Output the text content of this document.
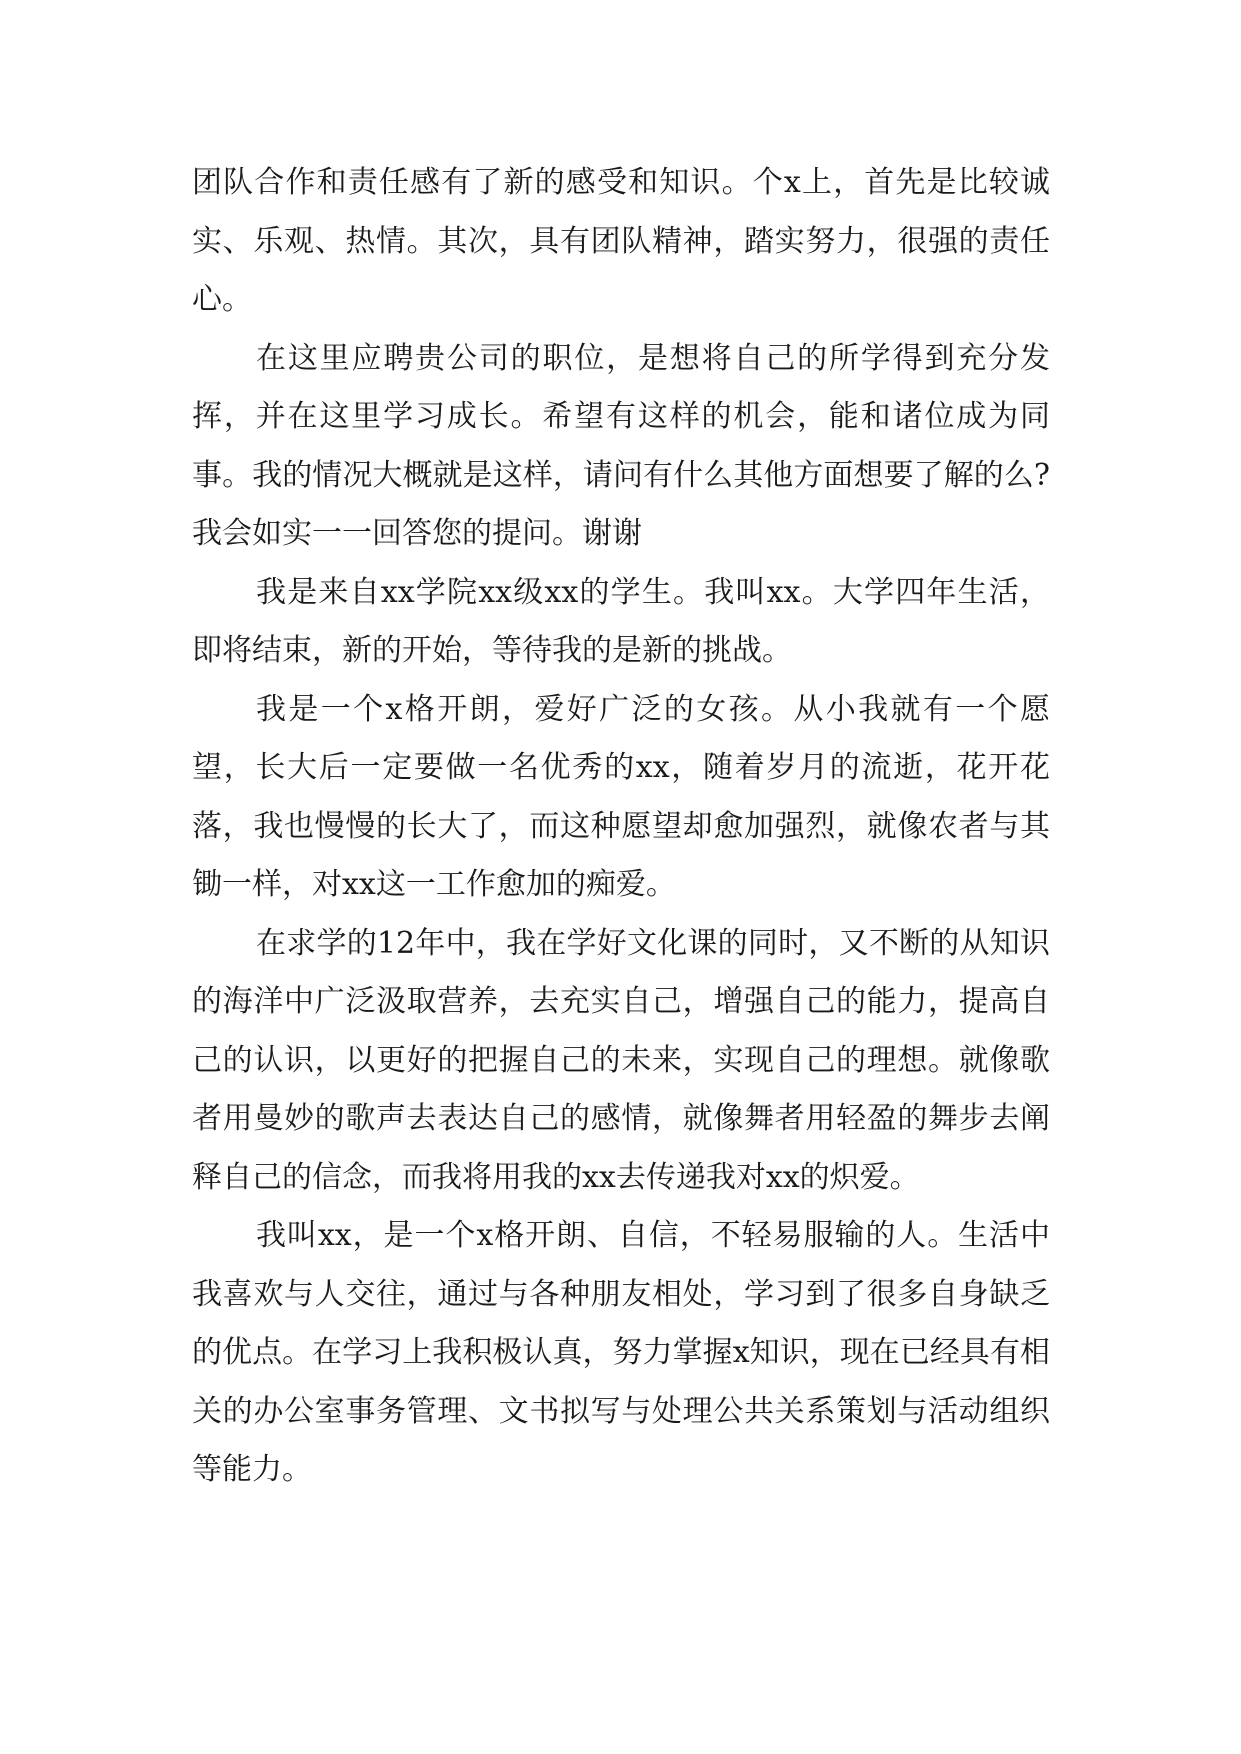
团队合作和责任感有了新的感受和知识。个x上，首先是比较诚实、乐观、热情。其次，具有团队精神，踏实努力，很强的责任心。

在这里应聘贵公司的职位，是想将自己的所学得到充分发挥，并在这里学习成长。希望有这样的机会，能和诸位成为同事。我的情况大概就是这样，请问有什么其他方面想要了解的么?我会如实一一回答您的提问。谢谢

我是来自xx学院xx级xx的学生。我叫xx。大学四年生活，即将结束，新的开始，等待我的是新的挑战。

我是一个x格开朗，爱好广泛的女孩。从小我就有一个愿望，长大后一定要做一名优秀的xx，随着岁月的流逝，花开花落，我也慢慢的长大了，而这种愿望却愈加强烈，就像农者与其锄一样，对xx这一工作愈加的痴爱。

在求学的12年中，我在学好文化课的同时，又不断的从知识的海洋中广泛汲取营养，去充实自己，增强自己的能力，提高自己的认识，以更好的把握自己的未来，实现自己的理想。就像歌者用曼妙的歌声去表达自己的感情，就像舞者用轻盈的舞步去阐释自己的信念，而我将用我的xx去传递我对xx的炽爱。

我叫xx，是一个x格开朗、自信，不轻易服输的人。生活中我喜欢与人交往，通过与各种朋友相处，学习到了很多自身缺乏的优点。在学习上我积极认真，努力掌握x知识，现在已经具有相关的办公室事务管理、文书拟写与处理公共关系策划与活动组织等能力。
